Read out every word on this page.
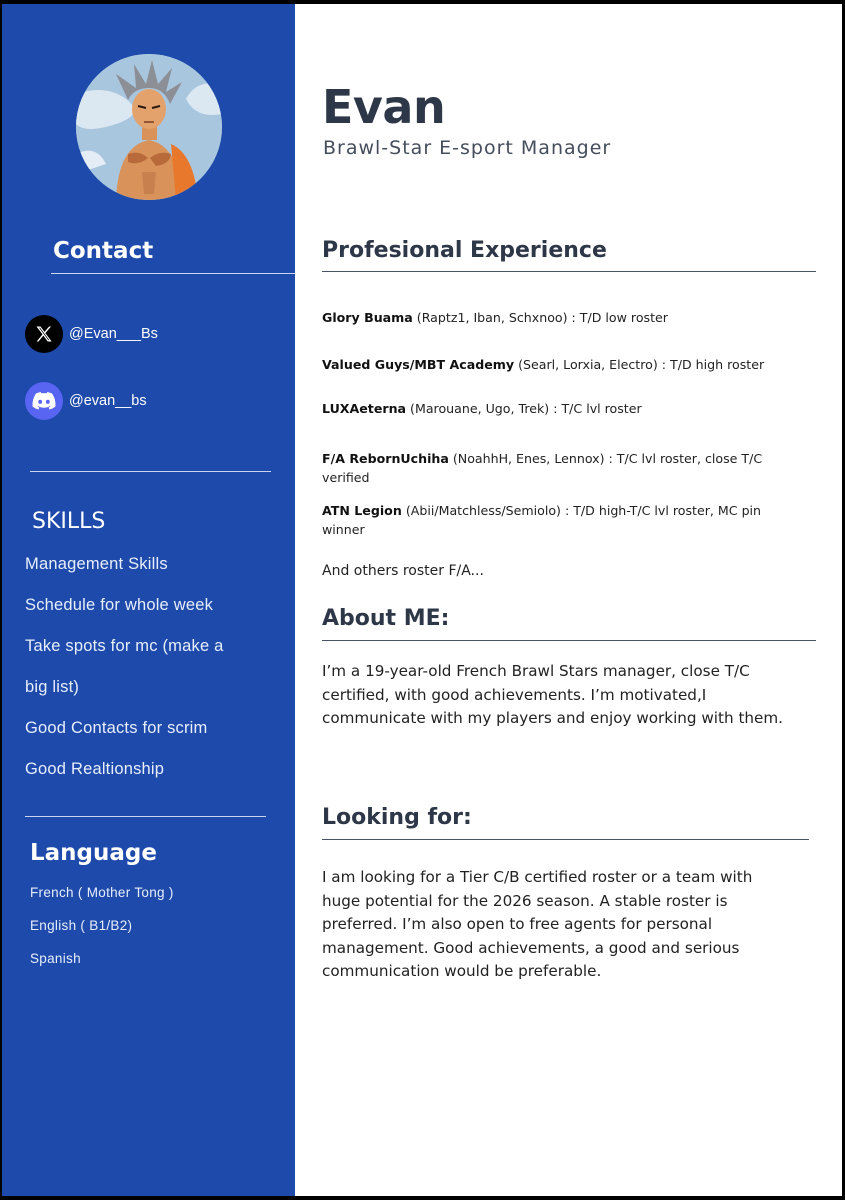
Contact
@Evan___Bs
@evan__bs
SKILLS
Management Skills
Schedule for whole week
Take spots for mc (make a
big list)
Good Contacts for scrim
Good Realtionship
Language
French ( Mother Tong )
English ( B1/B2)
Spanish
Evan
Brawl-Star E-sport Manager
Profesional Experience
Glory Buama (Raptz1, Iban, Schxnoo) : T/D low roster
Valued Guys/MBT Academy (Searl, Lorxia, Electro) : T/D high roster
LUXAeterna (Marouane, Ugo, Trek) : T/C lvl roster
F/A RebornUchiha (NoahhH, Enes, Lennox) : T/C lvl roster, close T/C verified
ATN Legion (Abii/Matchless/Semiolo) : T/D high-T/C lvl roster, MC pin winner
And others roster F/A...
About ME:

I’m a 19-year-old French Brawl Stars manager, close T/C certified, with good achievements. I’m motivated,I communicate with my players and enjoy working with them.

Looking for:

I am looking for a Tier C/B certified roster or a team with huge potential for the 2026 season. A stable roster is preferred. I’m also open to free agents for personal management. Good achievements, a good and serious communication would be preferable.
